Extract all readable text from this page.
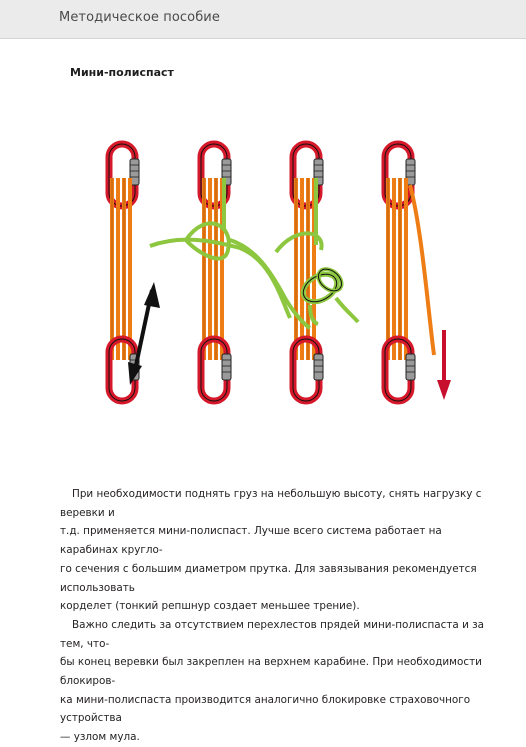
Методическое пособие
Мини-полиспаст

При необходимости поднять груз на небольшую высоту, снять нагрузку с веревки и
т.д. применяется мини-полиспаст. Лучше всего система работает на карабинах кругло-
го сечения с большим диаметром прутка. Для завязывания рекомендуется использовать
корделет (тонкий репшнур создает меньшее трение).

Важно следить за отсутствием перехлестов прядей мини-полиспаста и за тем, что-
бы конец веревки был закреплен на верхнем карабине. При необходимости блокиров-
ка мини-полиспаста производится аналогично блокировке страховочного устройства
— узлом мула.
